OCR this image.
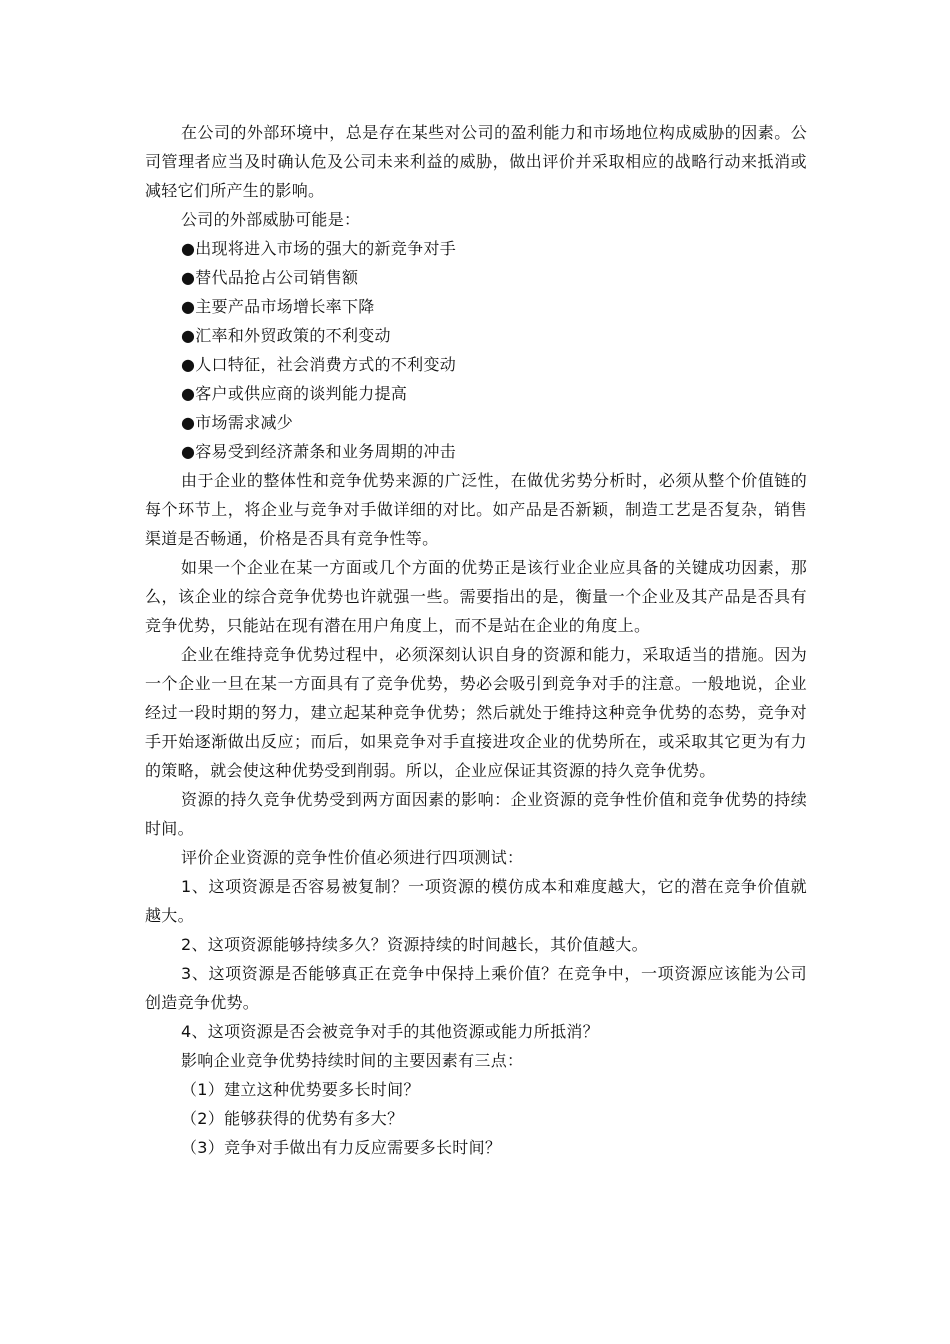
在公司的外部环境中，总是存在某些对公司的盈利能力和市场地位构成威胁的因素。公司管理者应当及时确认危及公司未来利益的威胁，做出评价并采取相应的战略行动来抵消或减轻它们所产生的影响。

公司的外部威胁可能是：

●出现将进入市场的强大的新竞争对手

●替代品抢占公司销售额

●主要产品市场增长率下降

●汇率和外贸政策的不利变动

●人口特征，社会消费方式的不利变动

●客户或供应商的谈判能力提高

●市场需求减少

●容易受到经济萧条和业务周期的冲击

由于企业的整体性和竞争优势来源的广泛性，在做优劣势分析时，必须从整个价值链的每个环节上，将企业与竞争对手做详细的对比。如产品是否新颖，制造工艺是否复杂，销售渠道是否畅通，价格是否具有竞争性等。

如果一个企业在某一方面或几个方面的优势正是该行业企业应具备的关键成功因素，那么，该企业的综合竞争优势也许就强一些。需要指出的是，衡量一个企业及其产品是否具有竞争优势，只能站在现有潜在用户角度上，而不是站在企业的角度上。

企业在维持竞争优势过程中，必须深刻认识自身的资源和能力，采取适当的措施。因为一个企业一旦在某一方面具有了竞争优势，势必会吸引到竞争对手的注意。一般地说，企业经过一段时期的努力，建立起某种竞争优势；然后就处于维持这种竞争优势的态势，竞争对手开始逐渐做出反应；而后，如果竞争对手直接进攻企业的优势所在，或采取其它更为有力的策略，就会使这种优势受到削弱。所以，企业应保证其资源的持久竞争优势。

资源的持久竞争优势受到两方面因素的影响：企业资源的竞争性价值和竞争优势的持续时间。

评价企业资源的竞争性价值必须进行四项测试：

1、这项资源是否容易被复制？一项资源的模仿成本和难度越大，它的潜在竞争价值就越大。

2、这项资源能够持续多久？资源持续的时间越长，其价值越大。

3、这项资源是否能够真正在竞争中保持上乘价值？在竞争中，一项资源应该能为公司创造竞争优势。

4、这项资源是否会被竞争对手的其他资源或能力所抵消？

影响企业竞争优势持续时间的主要因素有三点：

（1）建立这种优势要多长时间？

（2）能够获得的优势有多大？

（3）竞争对手做出有力反应需要多长时间？
